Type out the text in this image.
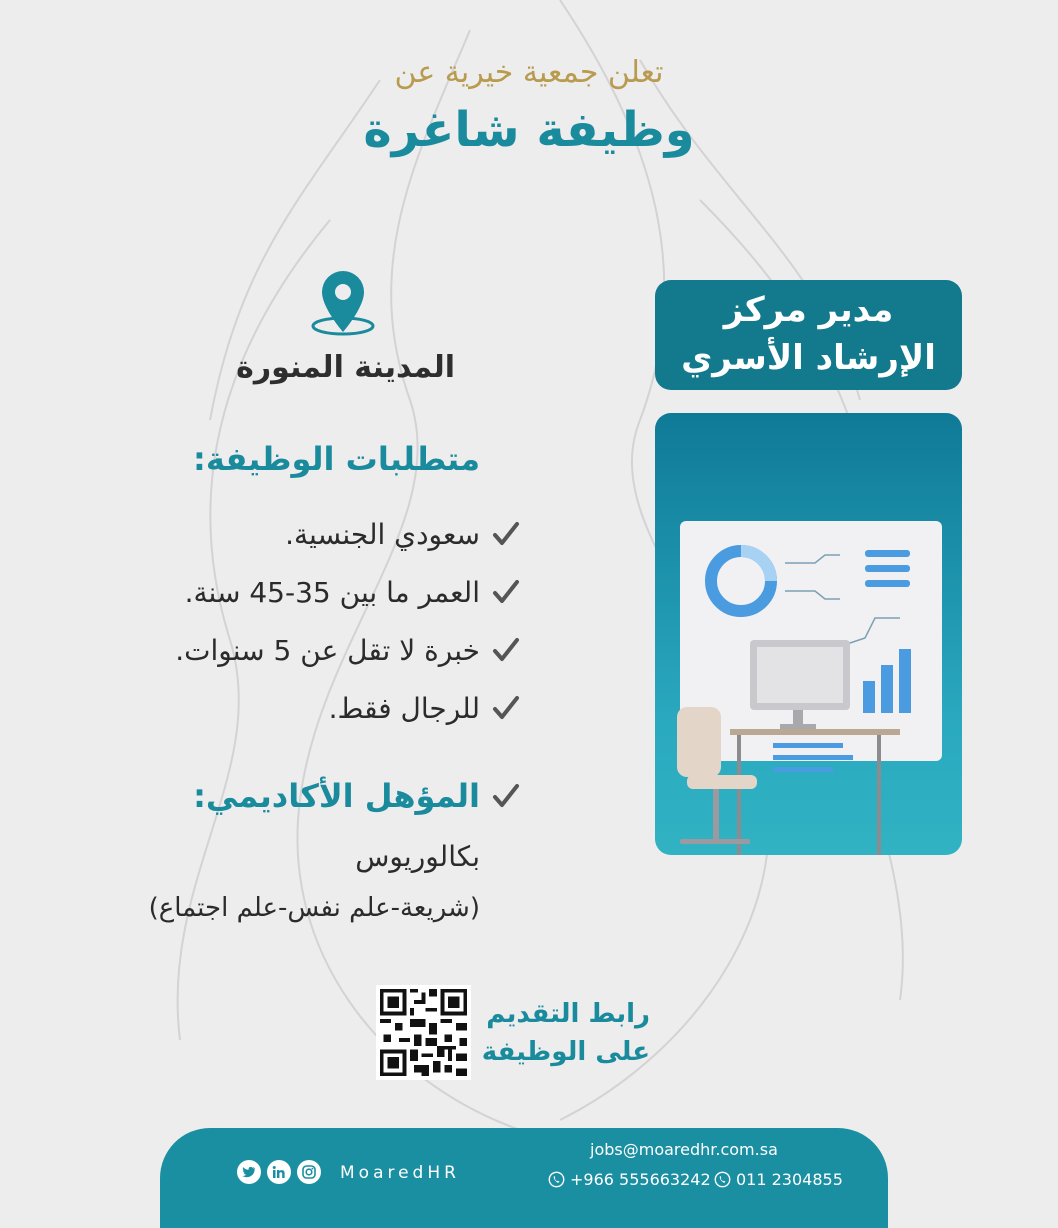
تعلن جمعية خيرية عن
وظيفة شاغرة
مدير مركز
الإرشاد الأسري
المدينة المنورة
متطلبات الوظيفة:
سعودي الجنسية.
العمر ما بين 35-45 سنة.
خبرة لا تقل عن 5 سنوات.
للرجال فقط.
المؤهل الأكاديمي:
بكالوريوس
(شريعة-علم نفس-علم اجتماع)
رابط التقديم
على الوظيفة
jobs@moaredhr.com.sa
+966 555663242 011 2304855
MoaredHR
